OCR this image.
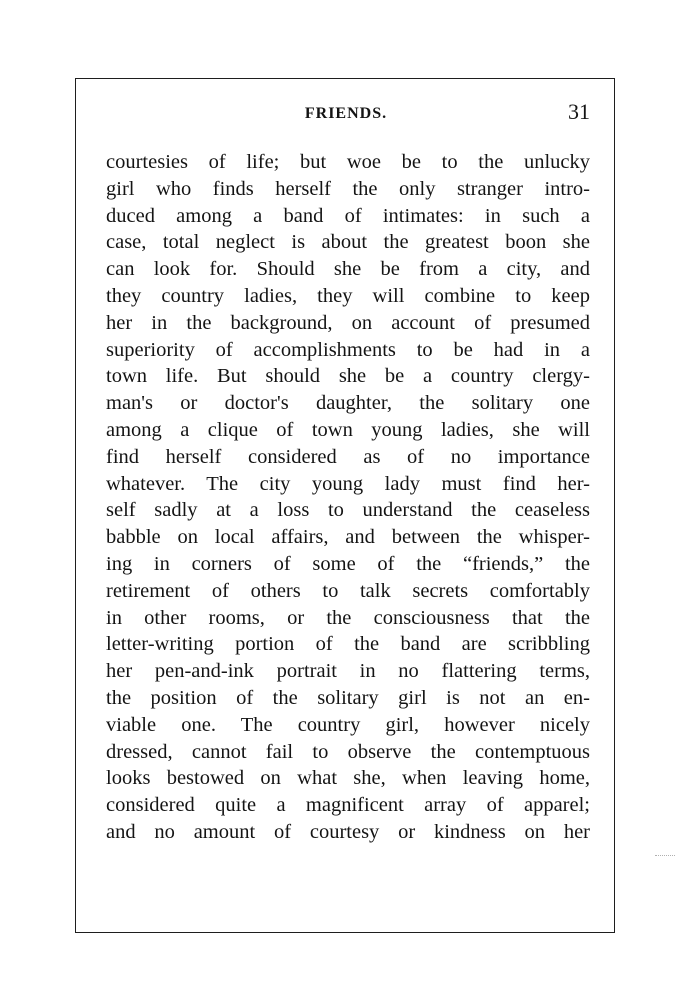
FRIENDS.	31
courtesies of life; but woe be to the unlucky
girl who finds herself the only stranger intro-
duced among a band of intimates: in such a
case, total neglect is about the greatest boon she
can look for. Should she be from a city, and
they country ladies, they will combine to keep
her in the background, on account of presumed
superiority of accomplishments to be had in a
town life. But should she be a country clergy-
man's or doctor's daughter, the solitary one
among a clique of town young ladies, she will
find herself considered as of no importance
whatever. The city young lady must find her-
self sadly at a loss to understand the ceaseless
babble on local affairs, and between the whisper-
ing in corners of some of the “friends,” the
retirement of others to talk secrets comfortably
in other rooms, or the consciousness that the
letter-writing portion of the band are scribbling
her pen-and-ink portrait in no flattering terms,
the position of the solitary girl is not an en-
viable one. The country girl, however nicely
dressed, cannot fail to observe the contemptuous
looks bestowed on what she, when leaving home,
considered quite a magnificent array of apparel;
and no amount of courtesy or kindness on her
